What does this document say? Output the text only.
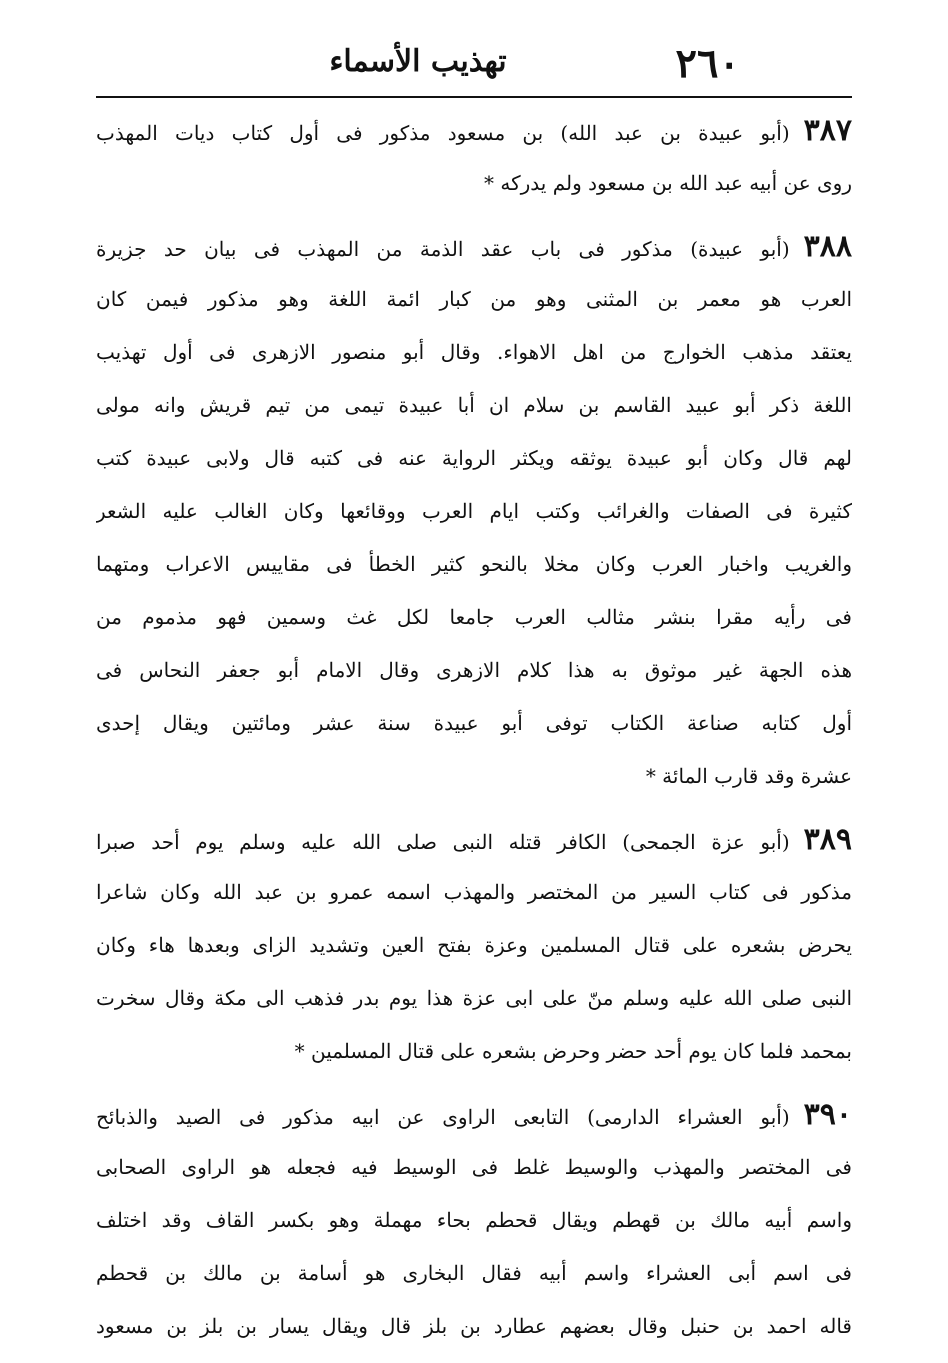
٢٦٠
تهذيب الأسماء
٣٨٧(أبو عبيدة بن عبد الله) بن مسعود مذكور فى أول كتاب ديات المهذب
روى عن أبيه عبد الله بن مسعود ولم يدركه *
٣٨٨(أبو عبيدة) مذكور فى باب عقد الذمة من المهذب فى بيان حد جزيرة
العرب هو معمر بن المثنى وهو من كبار ائمة اللغة وهو مذكور فيمن كان
يعتقد مذهب الخوارج من اهل الاهواء. وقال أبو منصور الازهرى فى أول تهذيب
اللغة ذكر أبو عبيد القاسم بن سلام ان أبا عبيدة تيمى من تيم قريش وانه مولى
لهم قال وكان أبو عبيدة يوثقه ويكثر الرواية عنه فى كتبه قال ولابى عبيدة كتب
كثيرة فى الصفات والغرائب وكتب ايام العرب ووقائعها وكان الغالب عليه الشعر
والغريب واخبار العرب وكان مخلا بالنحو كثير الخطأ فى مقاييس الاعراب ومتهما
فى رأيه مقرا بنشر مثالب العرب جامعا لكل غث وسمين فهو مذموم من
هذه الجهة غير موثوق به هذا كلام الازهرى وقال الامام أبو جعفر النحاس فى
أول كتابه صناعة الكتاب توفى أبو عبيدة سنة عشر ومائتين ويقال إحدى
عشرة وقد قارب المائة *
٣٨٩(أبو عزة الجمحى) الكافر قتله النبى صلى الله عليه وسلم يوم أحد صبرا
مذكور فى كتاب السير من المختصر والمهذب اسمه عمرو بن عبد الله وكان شاعرا
يحرض بشعره على قتال المسلمين وعزة بفتح العين وتشديد الزاى وبعدها هاء وكان
النبى صلى الله عليه وسلم منّ على ابى عزة هذا يوم بدر فذهب الى مكة وقال سخرت
بمحمد فلما كان يوم أحد حضر وحرض بشعره على قتال المسلمين *
٣٩٠(أبو العشراء الدارمى) التابعى الراوى عن ابيه مذكور فى الصيد والذبائح
فى المختصر والمهذب والوسيط غلط فى الوسيط فيه فجعله هو الراوى الصحابى
واسم أبيه مالك بن قهطم ويقال قحطم بحاء مهملة وهو بكسر القاف وقد اختلف
فى اسم أبى العشراء واسم أبيه فقال البخارى هو أسامة بن مالك بن قحطم
قاله احمد بن حنبل وقال بعضهم عطارد بن بلز قال ويقال يسار بن بلز بن مسعود
